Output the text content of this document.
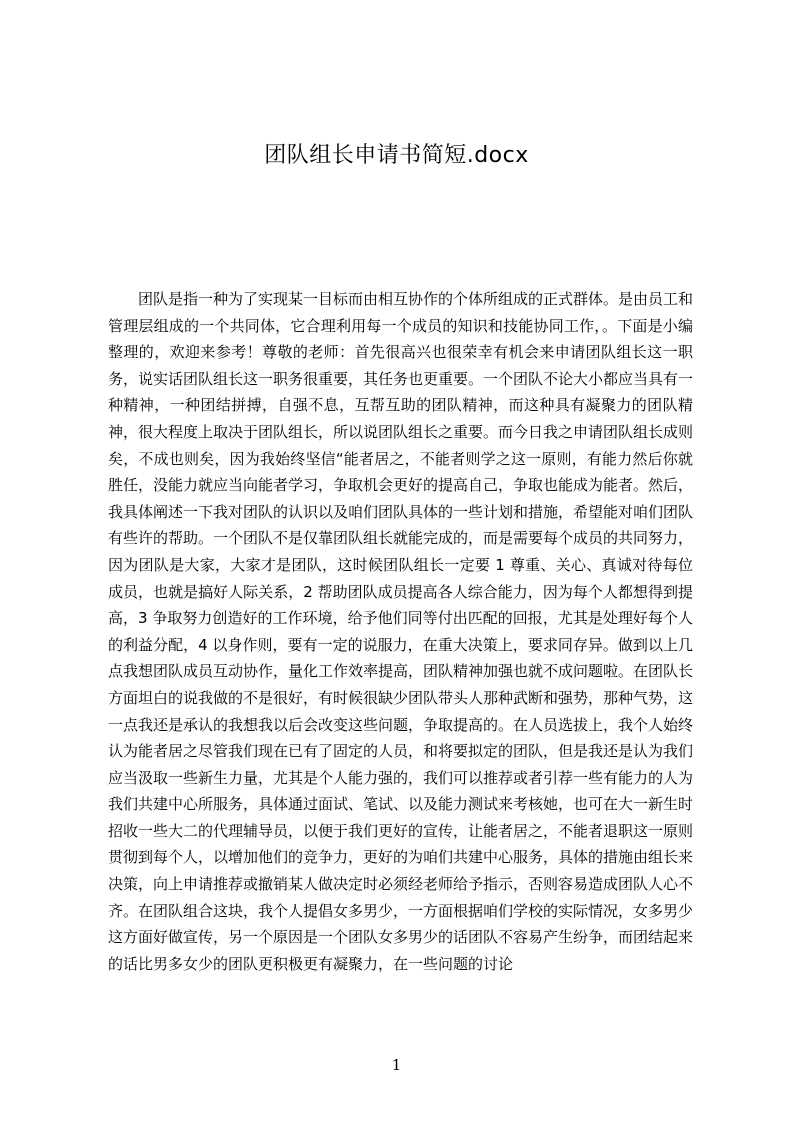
团队组长申请书简短.docx

团队是指一种为了实现某一目标而由相互协作的个体所组成的正式群体。是由员工和管理层组成的一个共同体，它合理利用每一个成员的知识和技能协同工作，。下面是小编整理的，欢迎来参考！尊敬的老师：首先很高兴也很荣幸有机会来申请团队组长这一职务，说实话团队组长这一职务很重要，其任务也更重要。一个团队不论大小都应当具有一种精神，一种团结拼搏，自强不息，互帮互助的团队精神，而这种具有凝聚力的团队精神，很大程度上取决于团队组长，所以说团队组长之重要。而今日我之申请团队组长成则矣，不成也则矣，因为我始终坚信“能者居之，不能者则学之这一原则，有能力然后你就胜任，没能力就应当向能者学习，争取机会更好的提高自己，争取也能成为能者。然后，我具体阐述一下我对团队的认识以及咱们团队具体的一些计划和措施，希望能对咱们团队有些许的帮助。一个团队不是仅靠团队组长就能完成的，而是需要每个成员的共同努力，因为团队是大家，大家才是团队，这时候团队组长一定要 1 尊重、关心、真诚对待每位成员，也就是搞好人际关系，2 帮助团队成员提高各人综合能力，因为每个人都想得到提高，3 争取努力创造好的工作环境，给予他们同等付出匹配的回报，尤其是处理好每个人的利益分配，4 以身作则，要有一定的说服力，在重大决策上，要求同存异。做到以上几点我想团队成员互动协作，量化工作效率提高，团队精神加强也就不成问题啦。在团队长方面坦白的说我做的不是很好，有时候很缺少团队带头人那种武断和强势，那种气势，这一点我还是承认的我想我以后会改变这些问题，争取提高的。在人员选拔上，我个人始终认为能者居之尽管我们现在已有了固定的人员，和将要拟定的团队，但是我还是认为我们应当汲取一些新生力量，尤其是个人能力强的，我们可以推荐或者引荐一些有能力的人为我们共建中心所服务，具体通过面试、笔试、以及能力测试来考核她，也可在大一新生时招收一些大二的代理辅导员，以便于我们更好的宣传，让能者居之，不能者退职这一原则贯彻到每个人，以增加他们的竞争力，更好的为咱们共建中心服务，具体的措施由组长来决策，向上申请推荐或撤销某人做决定时必须经老师给予指示，否则容易造成团队人心不齐。在团队组合这块，我个人提倡女多男少，一方面根据咱们学校的实际情况，女多男少这方面好做宣传，另一个原因是一个团队女多男少的话团队不容易产生纷争，而团结起来的话比男多女少的团队更积极更有凝聚力，在一些问题的讨论

1
